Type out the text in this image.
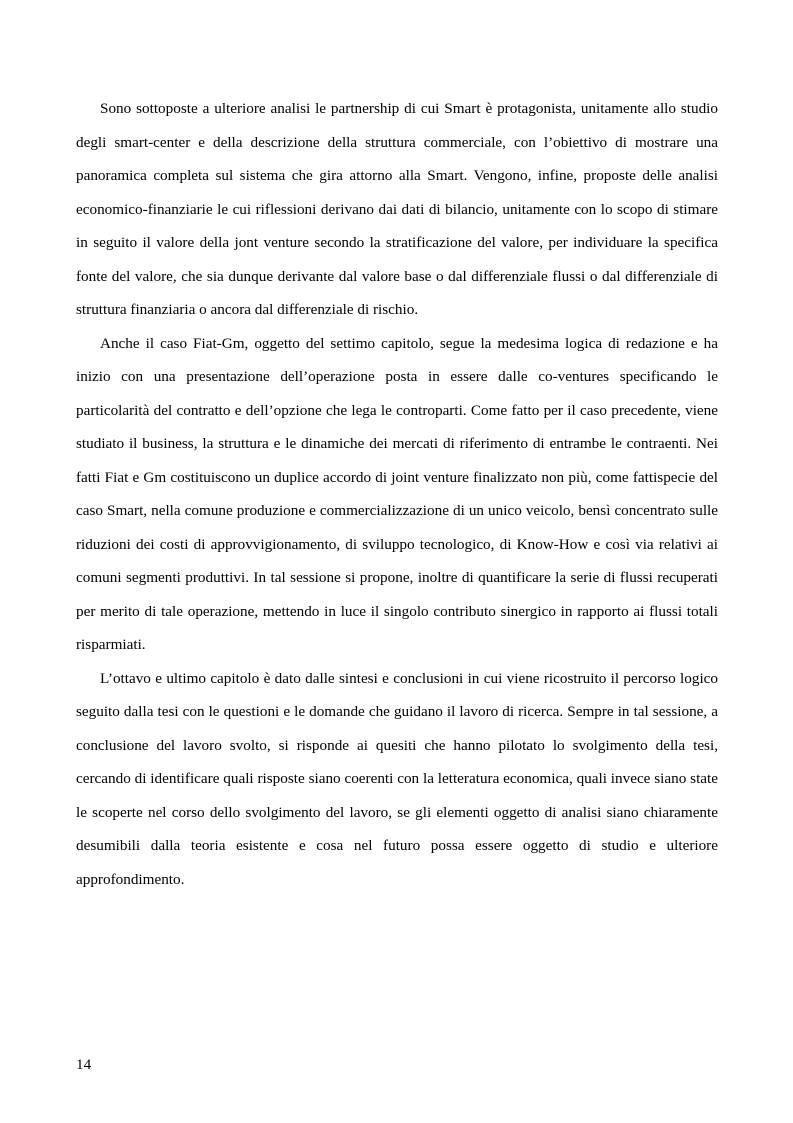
Sono sottoposte a ulteriore analisi le partnership di cui Smart è protagonista, unitamente allo studio degli smart-center e della descrizione della struttura commerciale, con l’obiettivo di mostrare una panoramica completa sul sistema che gira attorno alla Smart. Vengono, infine, proposte delle analisi economico-finanziarie le cui riflessioni derivano dai dati di bilancio, unitamente con lo scopo di stimare in seguito il valore della jont venture secondo la stratificazione del valore, per individuare la specifica fonte del valore, che sia dunque derivante dal valore base o dal differenziale flussi o dal differenziale di struttura finanziaria o ancora dal differenziale di rischio.

Anche il caso Fiat-Gm, oggetto del settimo capitolo, segue la medesima logica di redazione e ha inizio con una presentazione dell’operazione posta in essere dalle co-ventures specificando le particolarità del contratto e dell’opzione che lega le controparti. Come fatto per il caso precedente, viene studiato il business, la struttura e le dinamiche dei mercati di riferimento di entrambe le contraenti. Nei fatti Fiat e Gm costituiscono un duplice accordo di joint venture finalizzato non più, come fattispecie del caso Smart, nella comune produzione e commercializzazione di un unico veicolo, bensì concentrato sulle riduzioni dei costi di approvvigionamento, di sviluppo tecnologico, di Know-How e così via relativi ai comuni segmenti produttivi. In tal sessione si propone, inoltre di quantificare la serie di flussi recuperati per merito di tale operazione, mettendo in luce il singolo contributo sinergico in rapporto ai flussi totali risparmiati.

L’ottavo e ultimo capitolo è dato dalle sintesi e conclusioni in cui viene ricostruito il percorso logico seguito dalla tesi con le questioni e le domande che guidano il lavoro di ricerca. Sempre in tal sessione, a conclusione del lavoro svolto, si risponde ai quesiti che hanno pilotato lo svolgimento della tesi, cercando di identificare quali risposte siano coerenti con la letteratura economica, quali invece siano state le scoperte nel corso dello svolgimento del lavoro, se gli elementi oggetto di analisi siano chiaramente desumibili dalla teoria esistente e cosa nel futuro possa essere oggetto di studio e ulteriore approfondimento.

14
